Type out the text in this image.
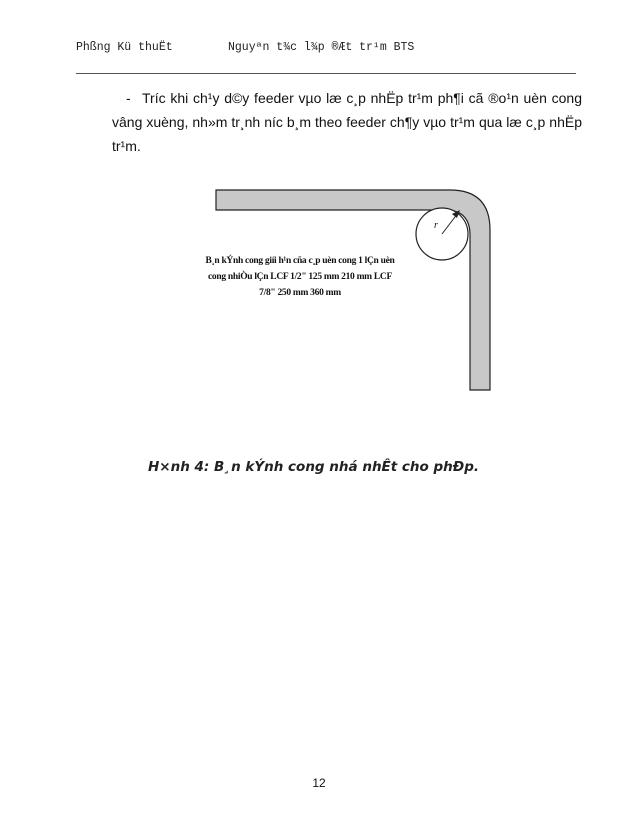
Phßng Kü thuËt	Nguyªn t¾c l¾p ®Æt tr¹m BTS
- Tríc khi ch¹y d©y feeder vµo læ c¸p nhËp tr¹m ph¶i cã ®o¹n uèn cong vâng xuèng, nh»m tr¸nh níc b¸m theo feeder ch¶y vµo tr¹m qua læ c¸p nhËp tr¹m.
r
B¸n kÝnh cong giíi h¹n cña c¸p uèn cong 1 lÇn uèn
cong nhiÒu lÇn LCF 1/2" 125 mm 210 mm LCF
7/8" 250 mm 360 mm
H×nh 4: B¸n kÝnh cong nhá nhÊt cho phÐp.
12
